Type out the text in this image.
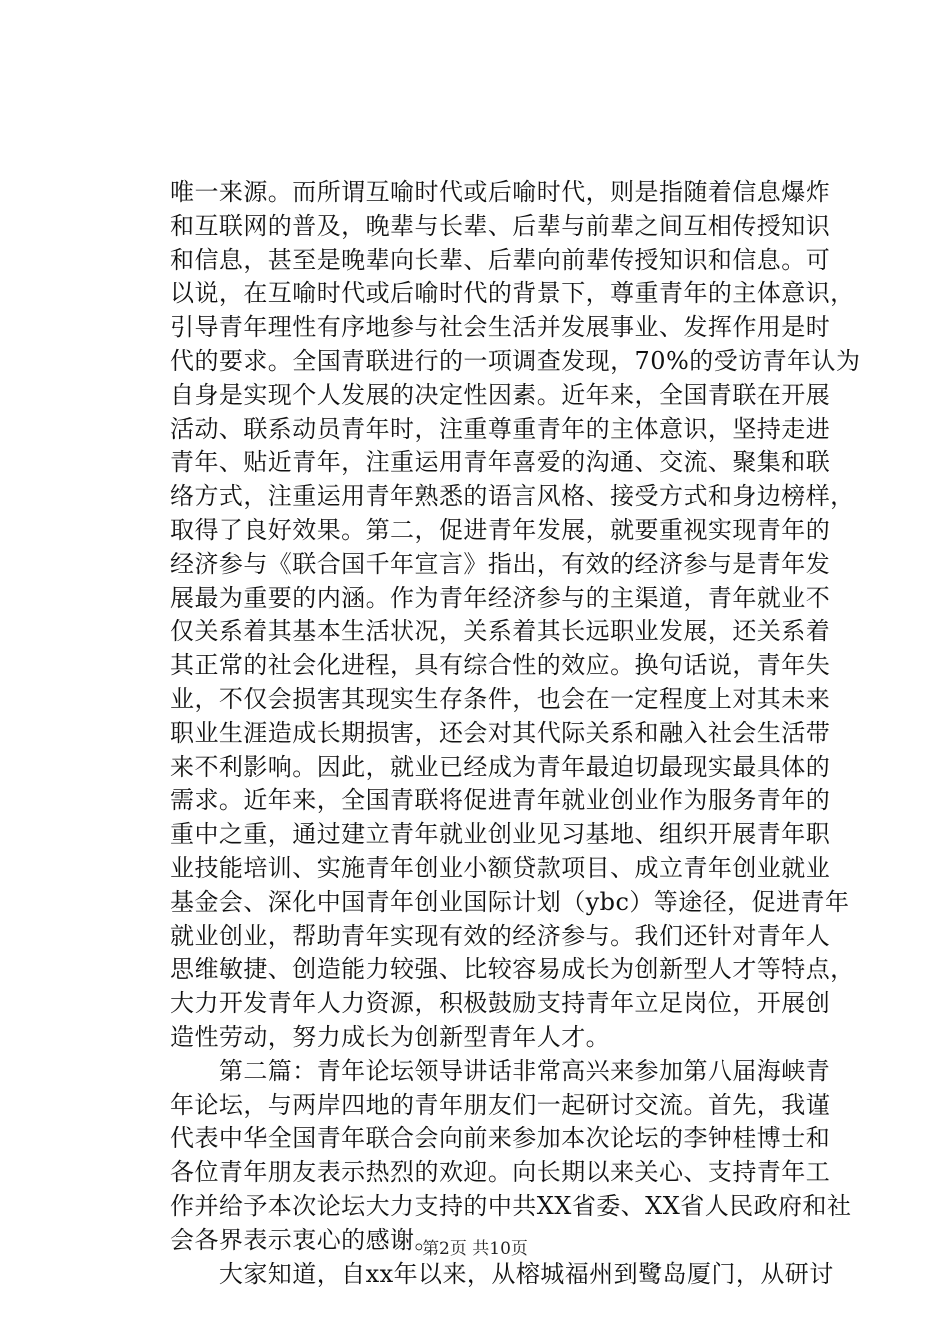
唯一来源。而所谓互喻时代或后喻时代，则是指随着信息爆炸
和互联网的普及，晚辈与长辈、后辈与前辈之间互相传授知识
和信息，甚至是晚辈向长辈、后辈向前辈传授知识和信息。可
以说，在互喻时代或后喻时代的背景下，尊重青年的主体意识，
引导青年理性有序地参与社会生活并发展事业、发挥作用是时
代的要求。全国青联进行的一项调查发现，70%的受访青年认为
自身是实现个人发展的决定性因素。近年来，全国青联在开展
活动、联系动员青年时，注重尊重青年的主体意识，坚持走进
青年、贴近青年，注重运用青年喜爱的沟通、交流、聚集和联
络方式，注重运用青年熟悉的语言风格、接受方式和身边榜样，
取得了良好效果。第二，促进青年发展，就要重视实现青年的
经济参与《联合国千年宣言》指出，有效的经济参与是青年发
展最为重要的内涵。作为青年经济参与的主渠道，青年就业不
仅关系着其基本生活状况，关系着其长远职业发展，还关系着
其正常的社会化进程，具有综合性的效应。换句话说，青年失
业，不仅会损害其现实生存条件，也会在一定程度上对其未来
职业生涯造成长期损害，还会对其代际关系和融入社会生活带
来不利影响。因此，就业已经成为青年最迫切最现实最具体的
需求。近年来，全国青联将促进青年就业创业作为服务青年的
重中之重，通过建立青年就业创业见习基地、组织开展青年职
业技能培训、实施青年创业小额贷款项目、成立青年创业就业
基金会、深化中国青年创业国际计划（ybc）等途径，促进青年
就业创业，帮助青年实现有效的经济参与。我们还针对青年人
思维敏捷、创造能力较强、比较容易成长为创新型人才等特点，
大力开发青年人力资源，积极鼓励支持青年立足岗位，开展创
造性劳动，努力成长为创新型青年人才。
　　第二篇：青年论坛领导讲话非常高兴来参加第八届海峡青
年论坛，与两岸四地的青年朋友们一起研讨交流。首先，我谨
代表中华全国青年联合会向前来参加本次论坛的李钟桂博士和
各位青年朋友表示热烈的欢迎。向长期以来关心、支持青年工
作并给予本次论坛大力支持的中共XX省委、XX省人民政府和社
会各界表示衷心的感谢。
　　大家知道，自xx年以来，从榕城福州到鹭岛厦门，从研讨
第2页 共10页
